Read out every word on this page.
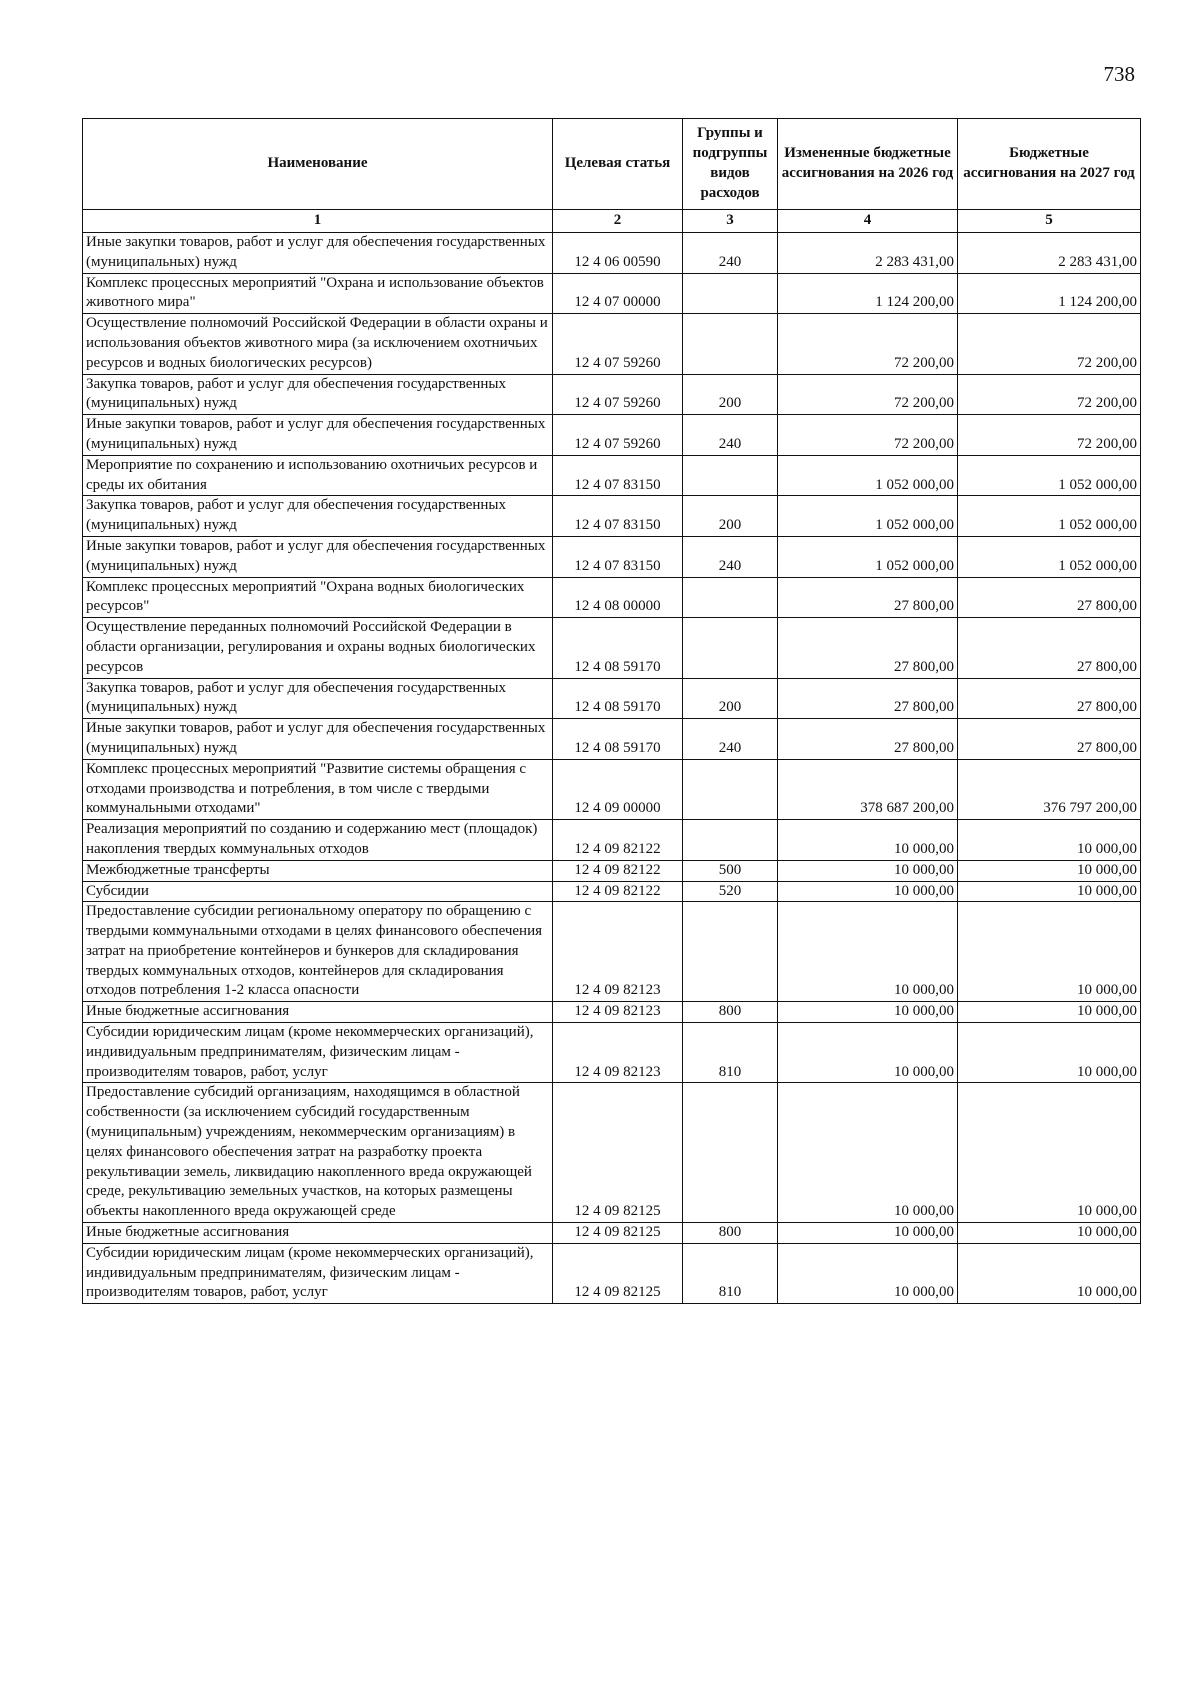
738
Наименование	Целевая статья	Группы и подгруппы видов расходов	Измененные бюджетные ассигнования на 2026 год	Бюджетные ассигнования на 2027 год
1	2	3	4	5
Иные закупки товаров, работ и услуг для обеспечения государственных (муниципальных) нужд	12 4 06 00590	240	2 283 431,00	2 283 431,00
Комплекс процессных мероприятий "Охрана и использование объектов животного мира"	12 4 07 00000		1 124 200,00	1 124 200,00
Осуществление полномочий Российской Федерации в области охраны и использования объектов животного мира (за исключением охотничьих ресурсов и водных биологических ресурсов)	12 4 07 59260		72 200,00	72 200,00
Закупка товаров, работ и услуг для обеспечения государственных (муниципальных) нужд	12 4 07 59260	200	72 200,00	72 200,00
Иные закупки товаров, работ и услуг для обеспечения государственных (муниципальных) нужд	12 4 07 59260	240	72 200,00	72 200,00
Мероприятие по сохранению и использованию охотничьих ресурсов и среды их обитания	12 4 07 83150		1 052 000,00	1 052 000,00
Закупка товаров, работ и услуг для обеспечения государственных (муниципальных) нужд	12 4 07 83150	200	1 052 000,00	1 052 000,00
Иные закупки товаров, работ и услуг для обеспечения государственных (муниципальных) нужд	12 4 07 83150	240	1 052 000,00	1 052 000,00
Комплекс процессных мероприятий "Охрана водных биологических ресурсов"	12 4 08 00000		27 800,00	27 800,00
Осуществление переданных полномочий Российской Федерации в области организации, регулирования и охраны водных биологических ресурсов	12 4 08 59170		27 800,00	27 800,00
Закупка товаров, работ и услуг для обеспечения государственных (муниципальных) нужд	12 4 08 59170	200	27 800,00	27 800,00
Иные закупки товаров, работ и услуг для обеспечения государственных (муниципальных) нужд	12 4 08 59170	240	27 800,00	27 800,00
Комплекс процессных мероприятий "Развитие системы обращения с отходами производства и потребления, в том числе с твердыми коммунальными отходами"	12 4 09 00000		378 687 200,00	376 797 200,00
Реализация мероприятий по созданию и содержанию мест (площадок) накопления твердых коммунальных отходов	12 4 09 82122		10 000,00	10 000,00
Межбюджетные трансферты	12 4 09 82122	500	10 000,00	10 000,00
Субсидии	12 4 09 82122	520	10 000,00	10 000,00
Предоставление субсидии региональному оператору по обращению с твердыми коммунальными отходами в целях финансового обеспечения затрат на приобретение контейнеров и бункеров для складирования твердых коммунальных отходов, контейнеров для складирования отходов потребления 1-2 класса опасности	12 4 09 82123		10 000,00	10 000,00
Иные бюджетные ассигнования	12 4 09 82123	800	10 000,00	10 000,00
Субсидии юридическим лицам (кроме некоммерческих организаций), индивидуальным предпринимателям, физическим лицам - производителям товаров, работ, услуг	12 4 09 82123	810	10 000,00	10 000,00
Предоставление субсидий организациям, находящимся в областной собственности (за исключением субсидий государственным (муниципальным) учреждениям, некоммерческим организациям) в целях финансового обеспечения затрат на разработку проекта рекультивации земель, ликвидацию накопленного вреда окружающей среде, рекультивацию земельных участков, на которых размещены объекты накопленного вреда окружающей среде	12 4 09 82125		10 000,00	10 000,00
Иные бюджетные ассигнования	12 4 09 82125	800	10 000,00	10 000,00
Субсидии юридическим лицам (кроме некоммерческих организаций), индивидуальным предпринимателям, физическим лицам - производителям товаров, работ, услуг	12 4 09 82125	810	10 000,00	10 000,00
